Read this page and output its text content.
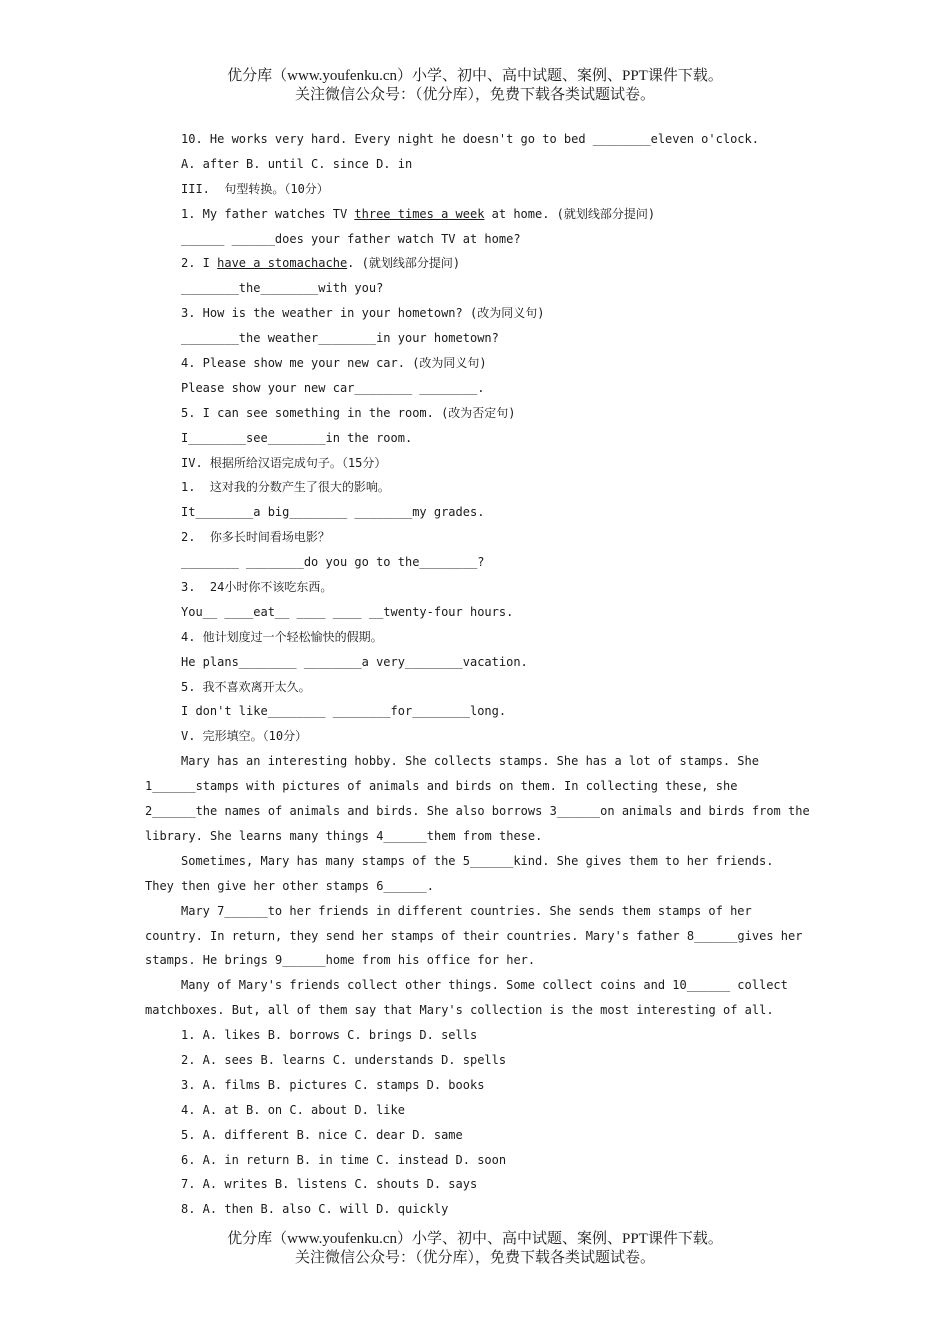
优分库（www.youfenku.cn）小学、初中、高中试题、案例、PPT课件下载。
关注微信公众号：（优分库），免费下载各类试题试卷。
10. He works very hard. Every night he doesn't go to bed ________eleven o'clock.
A. after B. until C. since D. in
III.  句型转换。（10分）
1. My father watches TV three times a week at home. (就划线部分提问)
______ ______does your father watch TV at home?
2. I have a stomachache. (就划线部分提问)
________the________with you?
3. How is the weather in your hometown? (改为同义句)
________the weather________in your hometown?
4. Please show me your new car. (改为同义句)
Please show your new car________ ________.
5. I can see something in the room. (改为否定句)
I________see________in the room.
IV. 根据所给汉语完成句子。（15分）
1.  这对我的分数产生了很大的影响。
It________a big________ ________my grades.
2.  你多长时间看场电影？
________ ________do you go to the________?
3.  24小时你不该吃东西。
You__ ____eat__ ____ ____ __twenty-four hours.
4. 他计划度过一个轻松愉快的假期。
He plans________ ________a very________vacation.
5. 我不喜欢离开太久。
I don't like________ ________for________long.
V. 完形填空。（10分）
Mary has an interesting hobby. She collects stamps. She has a lot of stamps. She
1______stamps with pictures of animals and birds on them. In collecting these, she
2______the names of animals and birds. She also borrows 3______on animals and birds from the
library. She learns many things 4______them from these.
Sometimes, Mary has many stamps of the 5______kind. She gives them to her friends.
They then give her other stamps 6______.
Mary 7______to her friends in different countries. She sends them stamps of her
country. In return, they send her stamps of their countries. Mary's father 8______gives her
stamps. He brings 9______home from his office for her.
Many of Mary's friends collect other things. Some collect coins and 10______ collect
matchboxes. But, all of them say that Mary's collection is the most interesting of all.
1. A. likes B. borrows C. brings D. sells
2. A. sees B. learns C. understands D. spells
3. A. films B. pictures C. stamps D. books
4. A. at B. on C. about D. like
5. A. different B. nice C. dear D. same
6. A. in return B. in time C. instead D. soon
7. A. writes B. listens C. shouts D. says
8. A. then B. also C. will D. quickly
优分库（www.youfenku.cn）小学、初中、高中试题、案例、PPT课件下载。
关注微信公众号：（优分库），免费下载各类试题试卷。
